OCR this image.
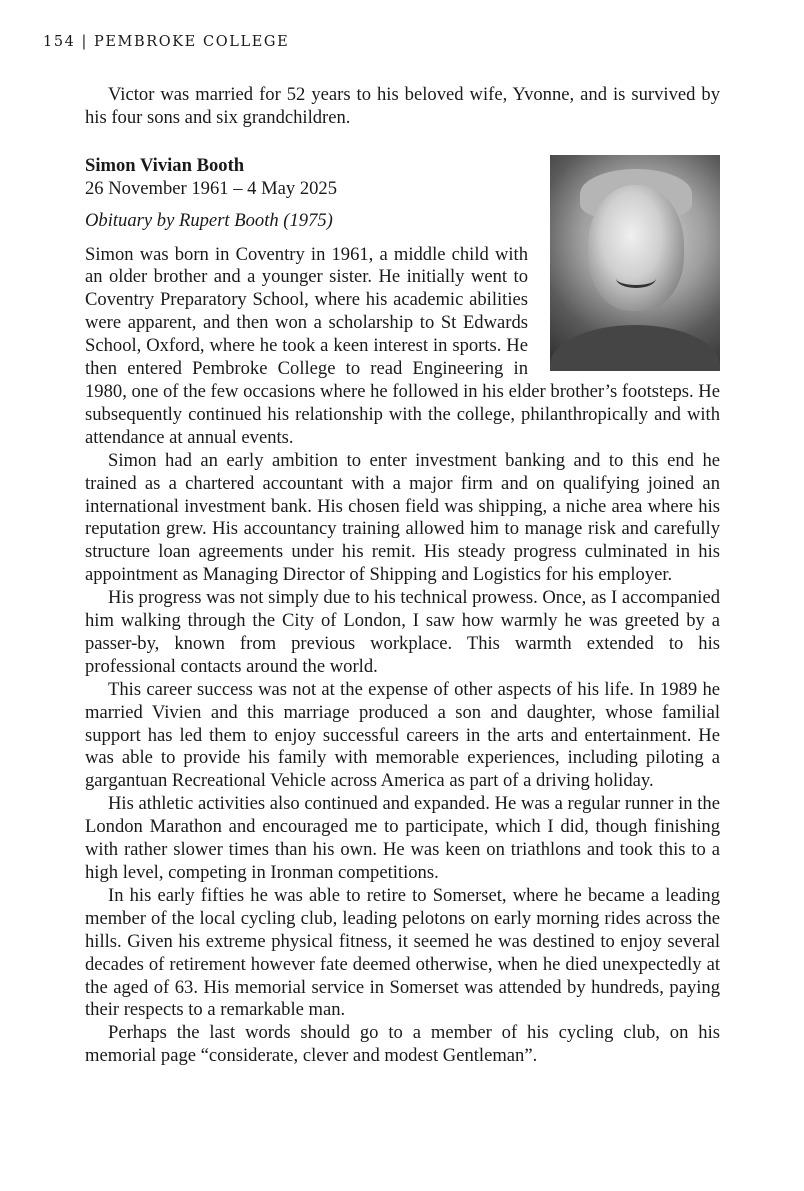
154 | PEMBROKE COLLEGE

Victor was married for 52 years to his beloved wife, Yvonne, and is survived by his four sons and six grandchildren.

Simon Vivian Booth

26 November 1961 – 4 May 2025

Obituary by Rupert Booth (1975)

Simon was born in Coventry in 1961, a middle child with an older brother and a younger sister. He initially went to Coventry Preparatory School, where his academic abilities were apparent, and then won a scholarship to St Edwards School, Oxford, where he took a keen interest in sports. He then entered Pembroke College to read Engineering in 1980, one of the few occasions where he followed in his elder brother’s footsteps. He subsequently continued his relationship with the college, philanthropically and with attendance at annual events.

Simon had an early ambition to enter investment banking and to this end he trained as a chartered accountant with a major firm and on qualifying joined an international investment bank. His chosen field was shipping, a niche area where his reputation grew. His accountancy training allowed him to manage risk and carefully structure loan agreements under his remit. His steady progress culminated in his appointment as Managing Director of Shipping and Logistics for his employer.

His progress was not simply due to his technical prowess. Once, as I accompanied him walking through the City of London, I saw how warmly he was greeted by a passer-by, known from previous workplace. This warmth extended to his professional contacts around the world.

This career success was not at the expense of other aspects of his life. In 1989 he married Vivien and this marriage produced a son and daughter, whose familial support has led them to enjoy successful careers in the arts and entertainment. He was able to provide his family with memorable experiences, including piloting a gargantuan Recreational Vehicle across America as part of a driving holiday.

His athletic activities also continued and expanded. He was a regular runner in the London Marathon and encouraged me to participate, which I did, though finishing with rather slower times than his own. He was keen on triathlons and took this to a high level, competing in Ironman competitions.

In his early fifties he was able to retire to Somerset, where he became a leading member of the local cycling club, leading pelotons on early morning rides across the hills. Given his extreme physical fitness, it seemed he was destined to enjoy several decades of retirement however fate deemed otherwise, when he died unexpectedly at the aged of 63. His memorial service in Somerset was attended by hundreds, paying their respects to a remarkable man.

Perhaps the last words should go to a member of his cycling club, on his memorial page “considerate, clever and modest Gentleman”.
